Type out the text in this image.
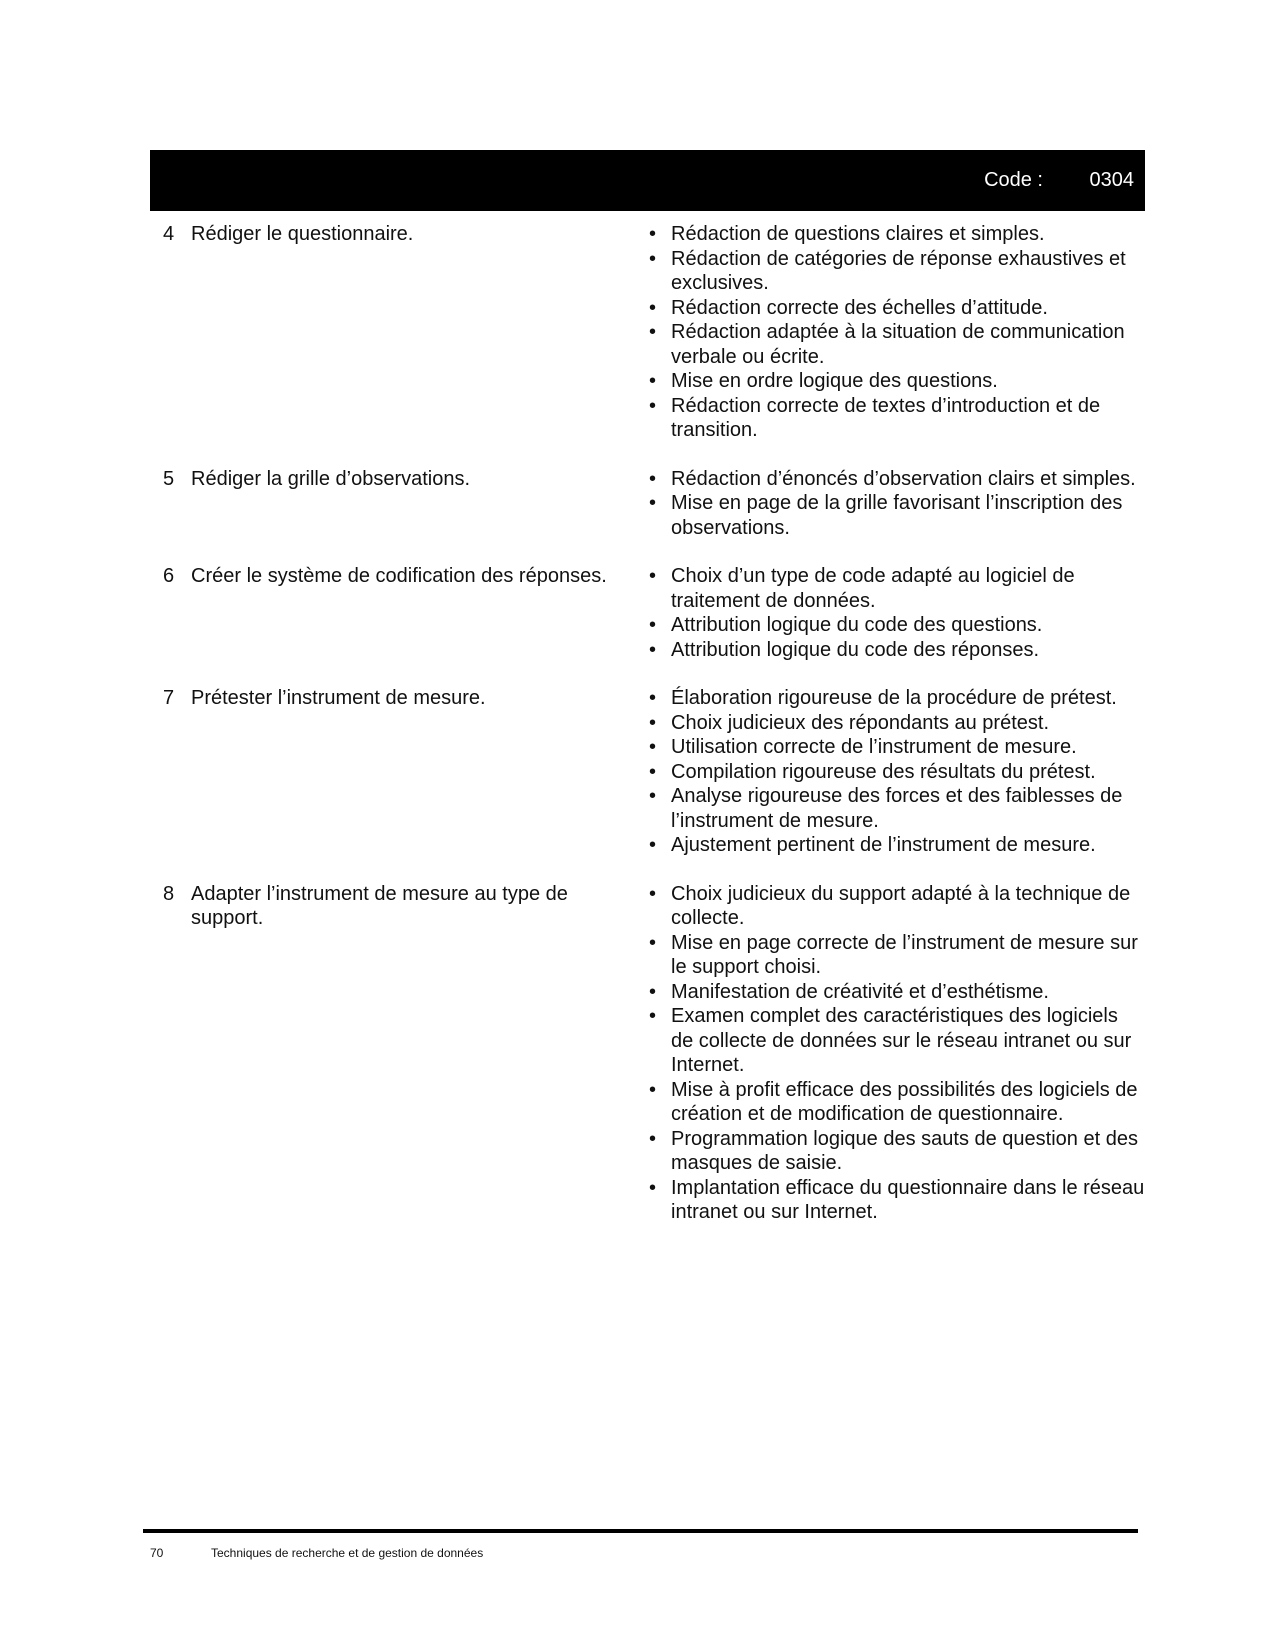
Code : 0304
4 Rédiger le questionnaire.	• Rédaction de questions claires et simples.
• Rédaction de catégories de réponse exhaustives et exclusives.
• Rédaction correcte des échelles d’attitude.
• Rédaction adaptée à la situation de communication verbale ou écrite.
• Mise en ordre logique des questions.
• Rédaction correcte de textes d’introduction et de transition.
5 Rédiger la grille d’observations.	• Rédaction d’énoncés d’observation clairs et simples.
• Mise en page de la grille favorisant l’inscription des observations.
6 Créer le système de codification des réponses.	• Choix d’un type de code adapté au logiciel de traitement de données.
• Attribution logique du code des questions.
• Attribution logique du code des réponses.
7 Prétester l’instrument de mesure.	• Élaboration rigoureuse de la procédure de prétest.
• Choix judicieux des répondants au prétest.
• Utilisation correcte de l’instrument de mesure.
• Compilation rigoureuse des résultats du prétest.
• Analyse rigoureuse des forces et des faiblesses de l’instrument de mesure.
• Ajustement pertinent de l’instrument de mesure.
8 Adapter l’instrument de mesure au type de support.
• Choix judicieux du support adapté à la technique de collecte.
• Mise en page correcte de l’instrument de mesure sur le support choisi.
• Manifestation de créativité et d’esthétisme.
• Examen complet des caractéristiques des logiciels de collecte de données sur le réseau intranet ou sur Internet.
• Mise à profit efficace des possibilités des logiciels de création et de modification de questionnaire.
• Programmation logique des sauts de question et des masques de saisie.
• Implantation efficace du questionnaire dans le réseau intranet ou sur Internet.
70	Techniques de recherche et de gestion de données
